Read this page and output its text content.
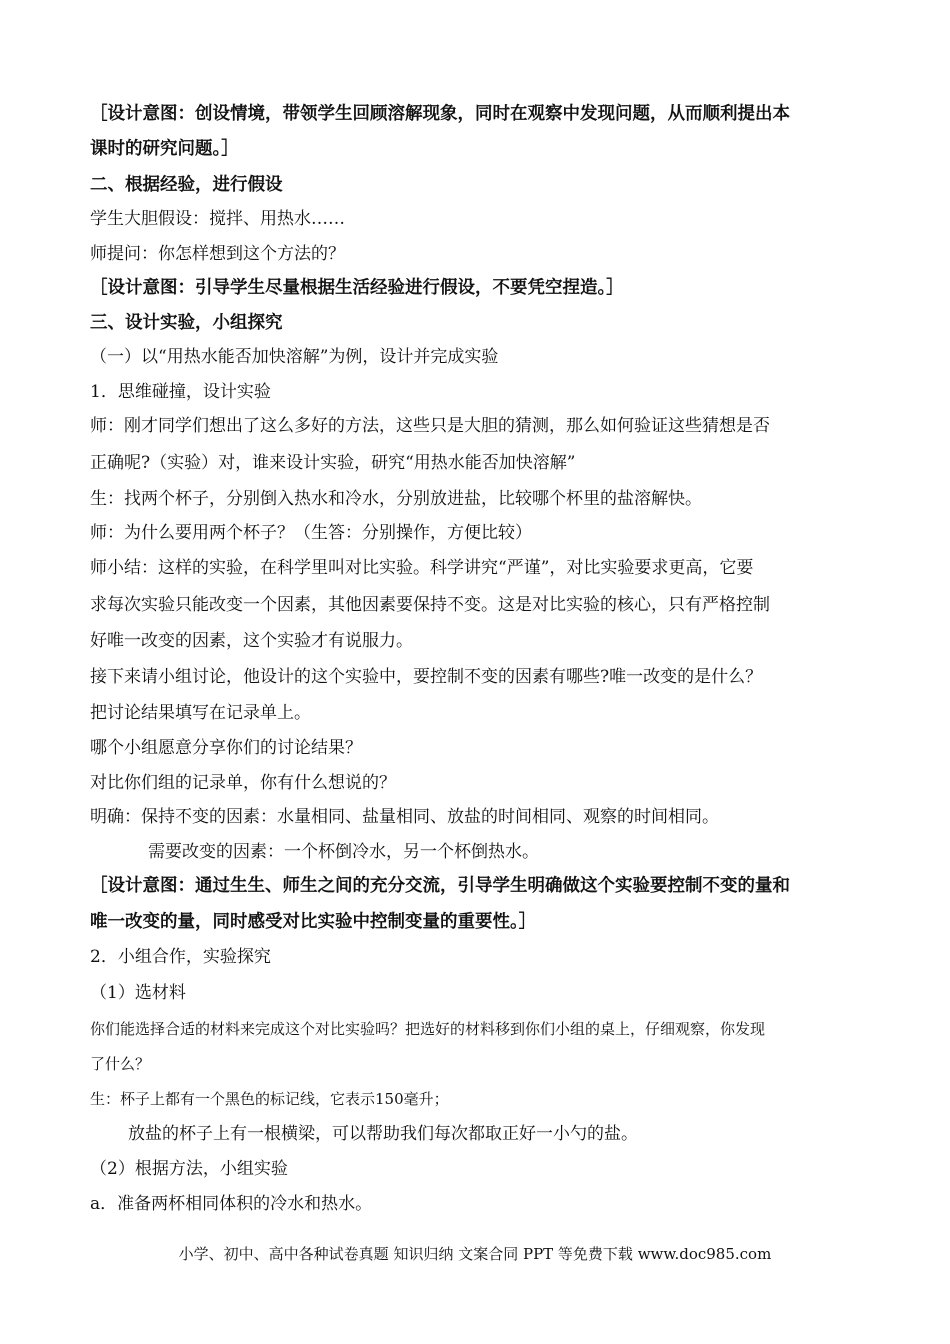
［设计意图：创设情境，带领学生回顾溶解现象，同时在观察中发现问题，从而顺利提出本
课时的研究问题。］
二、根据经验，进行假设
学生大胆假设：搅拌、用热水……
师提问：你怎样想到这个方法的？
［设计意图：引导学生尽量根据生活经验进行假设，不要凭空捏造。］
三、设计实验，小组探究
（一）以“用热水能否加快溶解”为例，设计并完成实验
1．思维碰撞，设计实验
师：刚才同学们想出了这么多好的方法，这些只是大胆的猜测，那么如何验证这些猜想是否
正确呢?（实验）对，谁来设计实验，研究“用热水能否加快溶解”
生：找两个杯子，分别倒入热水和冷水，分别放进盐，比较哪个杯里的盐溶解快。
师：为什么要用两个杯子？（生答：分别操作，方便比较）
师小结：这样的实验，在科学里叫对比实验。科学讲究“严谨”，对比实验要求更高，它要
求每次实验只能改变一个因素，其他因素要保持不变。这是对比实验的核心，只有严格控制
好唯一改变的因素，这个实验才有说服力。
接下来请小组讨论，他设计的这个实验中，要控制不变的因素有哪些?唯一改变的是什么？
把讨论结果填写在记录单上。
哪个小组愿意分享你们的讨论结果？
对比你们组的记录单，你有什么想说的？
明确：保持不变的因素：水量相同、盐量相同、放盐的时间相同、观察的时间相同。
需要改变的因素：一个杯倒冷水，另一个杯倒热水。
［设计意图：通过生生、师生之间的充分交流，引导学生明确做这个实验要控制不变的量和
唯一改变的量，同时感受对比实验中控制变量的重要性。］
2．小组合作，实验探究
（1）选材料
你们能选择合适的材料来完成这个对比实验吗？把选好的材料移到你们小组的桌上，仔细观察，你发现
了什么？
生：杯子上都有一个黑色的标记线，它表示150毫升；
放盐的杯子上有一根横梁，可以帮助我们每次都取正好一小勺的盐。
（2）根据方法，小组实验
a．准备两杯相同体积的冷水和热水。
小学、初中、高中各种试卷真题 知识归纳 文案合同 PPT 等免费下载 www.doc985.com
